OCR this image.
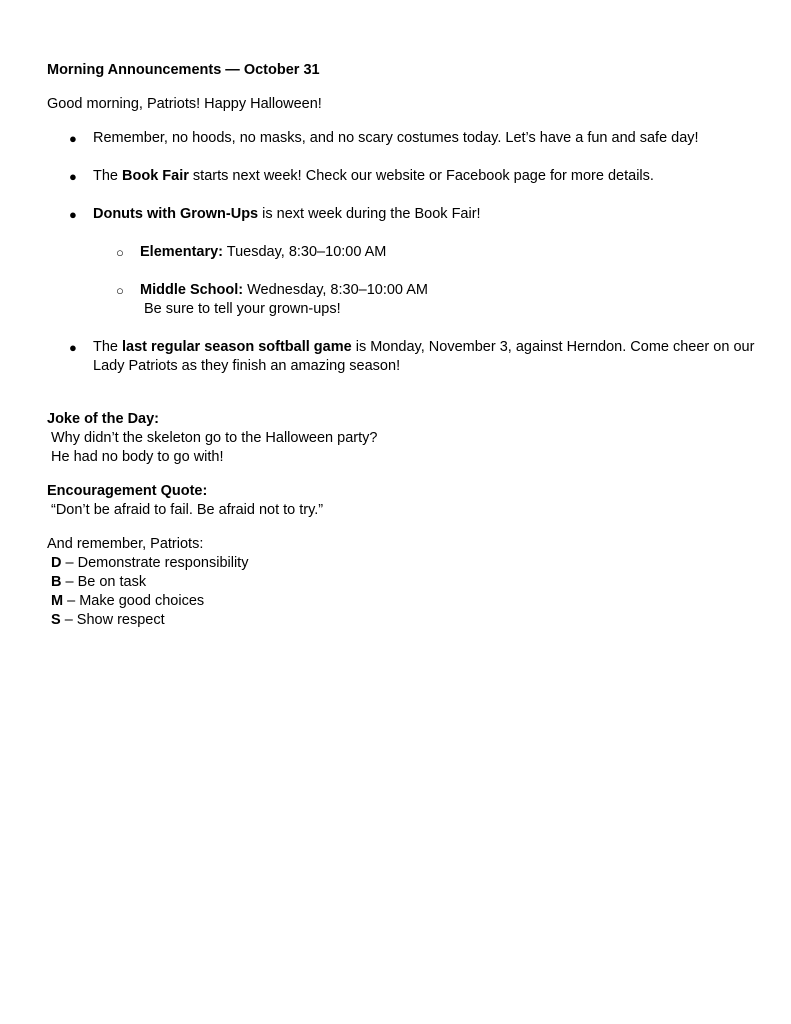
Morning Announcements — October 31

Good morning, Patriots! Happy Halloween!

● Remember, no hoods, no masks, and no scary costumes today. Let’s have a fun and safe day!
● The Book Fair starts next week! Check our website or Facebook page for more details.
● Donuts with Grown-Ups is next week during the Book Fair!
○ Elementary: Tuesday, 8:30–10:00 AM
○ Middle School: Wednesday, 8:30–10:00 AM
Be sure to tell your grown-ups!
● The last regular season softball game is Monday, November 3, against Herndon. Come cheer on our Lady Patriots as they finish an amazing season!
Joke of the Day:
Why didn’t the skeleton go to the Halloween party?
He had no body to go with!
Encouragement Quote:
“Don’t be afraid to fail. Be afraid not to try.”
And remember, Patriots:
D – Demonstrate responsibility
B – Be on task
M – Make good choices
S – Show respect
